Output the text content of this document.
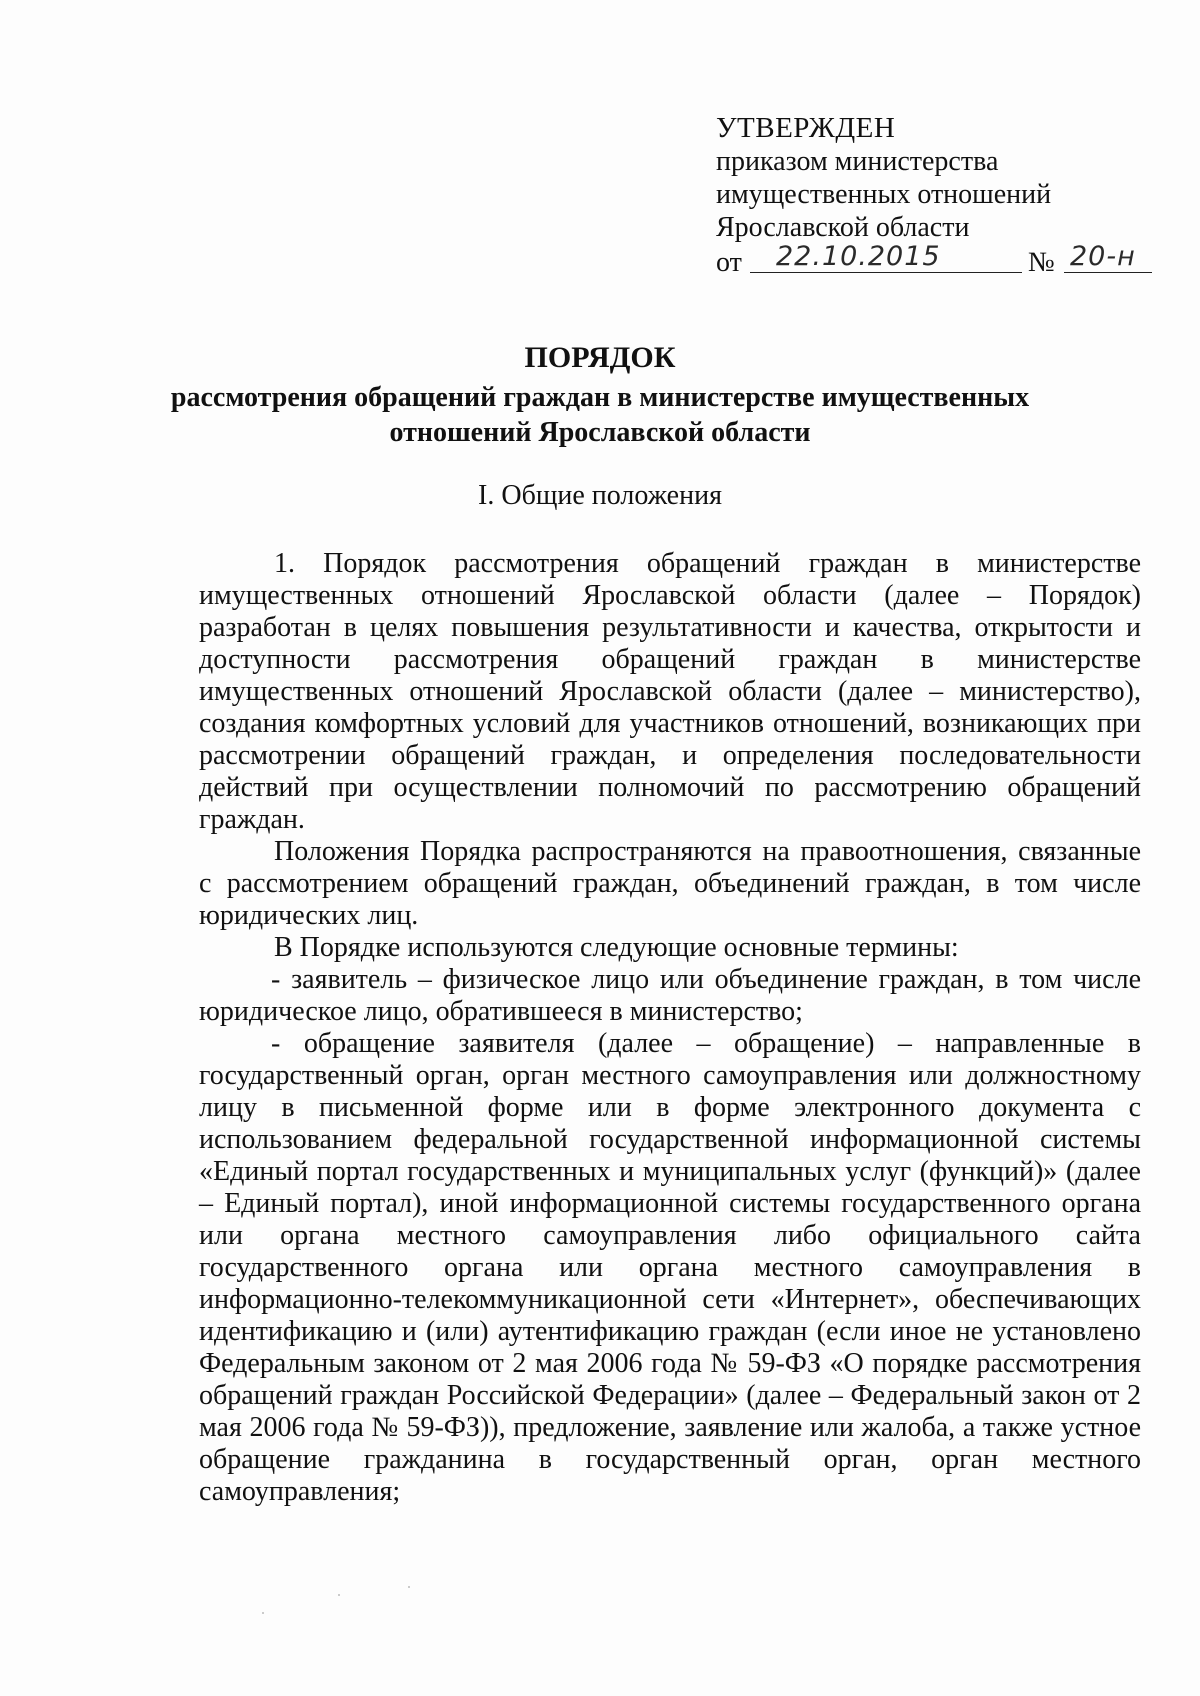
УТВЕРЖДЕН
приказом министерства
имущественных отношений
Ярославской области
от 22.10.2015	№ 20-н
ПОРЯДОК
рассмотрения обращений граждан в министерстве имущественных
отношений Ярославской области
I. Общие положения

1. Порядок рассмотрения обращений граждан в министерстве имущественных отношений Ярославской области (далее – Порядок) разработан в целях повышения результативности и качества, открытости и доступности рассмотрения обращений граждан в министерстве имущественных отношений Ярославской области (далее – министерство), создания комфортных условий для участников отношений, возникающих при рассмотрении обращений граждан, и определения последовательности действий при осуществлении полномочий по рассмотрению обращений граждан.

Положения Порядка распространяются на правоотношения, связанные с рассмотрением обращений граждан, объединений граждан, в том числе юридических лиц.

В Порядке используются следующие основные термины:

- заявитель – физическое лицо или объединение граждан, в том числе юридическое лицо, обратившееся в министерство;

- обращение заявителя (далее – обращение) – направленные в государственный орган, орган местного самоуправления или должностному лицу в письменной форме или в форме электронного документа с использованием федеральной государственной информационной системы «Единый портал государственных и муниципальных услуг (функций)» (далее – Единый портал), иной информационной системы государственного органа или органа местного самоуправления либо официального сайта государственного органа или органа местного самоуправления в информационно-телекоммуникационной сети «Интернет», обеспечивающих идентификацию и (или) аутентификацию граждан (если иное не установлено Федеральным законом от 2 мая 2006 года № 59-ФЗ «О порядке рассмотрения обращений граждан Российской Федерации» (далее – Федеральный закон от 2 мая 2006 года № 59-ФЗ)), предложение, заявление или жалоба, а также устное обращение гражданина в государственный орган, орган местного самоуправления;
